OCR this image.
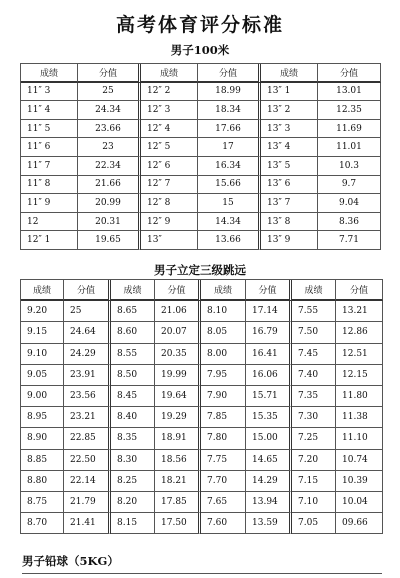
高考体育评分标准
男子100米
成绩	分值	成绩	分值	成绩	分值
11″ 3	25	12″ 2	18.99	13″ 1	13.01
11″ 4	24.34	12″ 3	18.34	13″ 2	12.35
11″ 5	23.66	12″ 4	17.66	13″ 3	11.69
11″ 6	23	12″ 5	17	13″ 4	11.01
11″ 7	22.34	12″ 6	16.34	13″ 5	10.3
11″ 8	21.66	12″ 7	15.66	13″ 6	9.7
11″ 9	20.99	12″ 8	15	13″ 7	9.04
12	20.31	12″ 9	14.34	13″ 8	8.36
12″ 1	19.65	13″	13.66	13″ 9	7.71
男子立定三级跳远
成绩	分值	成绩	分值	成绩	分值	成绩	分值
9.20	25	8.65	21.06	8.10	17.14	7.55	13.21
9.15	24.64	8.60	20.07	8.05	16.79	7.50	12.86
9.10	24.29	8.55	20.35	8.00	16.41	7.45	12.51
9.05	23.91	8.50	19.99	7.95	16.06	7.40	12.15
9.00	23.56	8.45	19.64	7.90	15.71	7.35	11.80
8.95	23.21	8.40	19.29	7.85	15.35	7.30	11.38
8.90	22.85	8.35	18.91	7.80	15.00	7.25	11.10
8.85	22.50	8.30	18.56	7.75	14.65	7.20	10.74
8.80	22.14	8.25	18.21	7.70	14.29	7.15	10.39
8.75	21.79	8.20	17.85	7.65	13.94	7.10	10.04
8.70	21.41	8.15	17.50	7.60	13.59	7.05	09.66
男子铅球（5KG）
